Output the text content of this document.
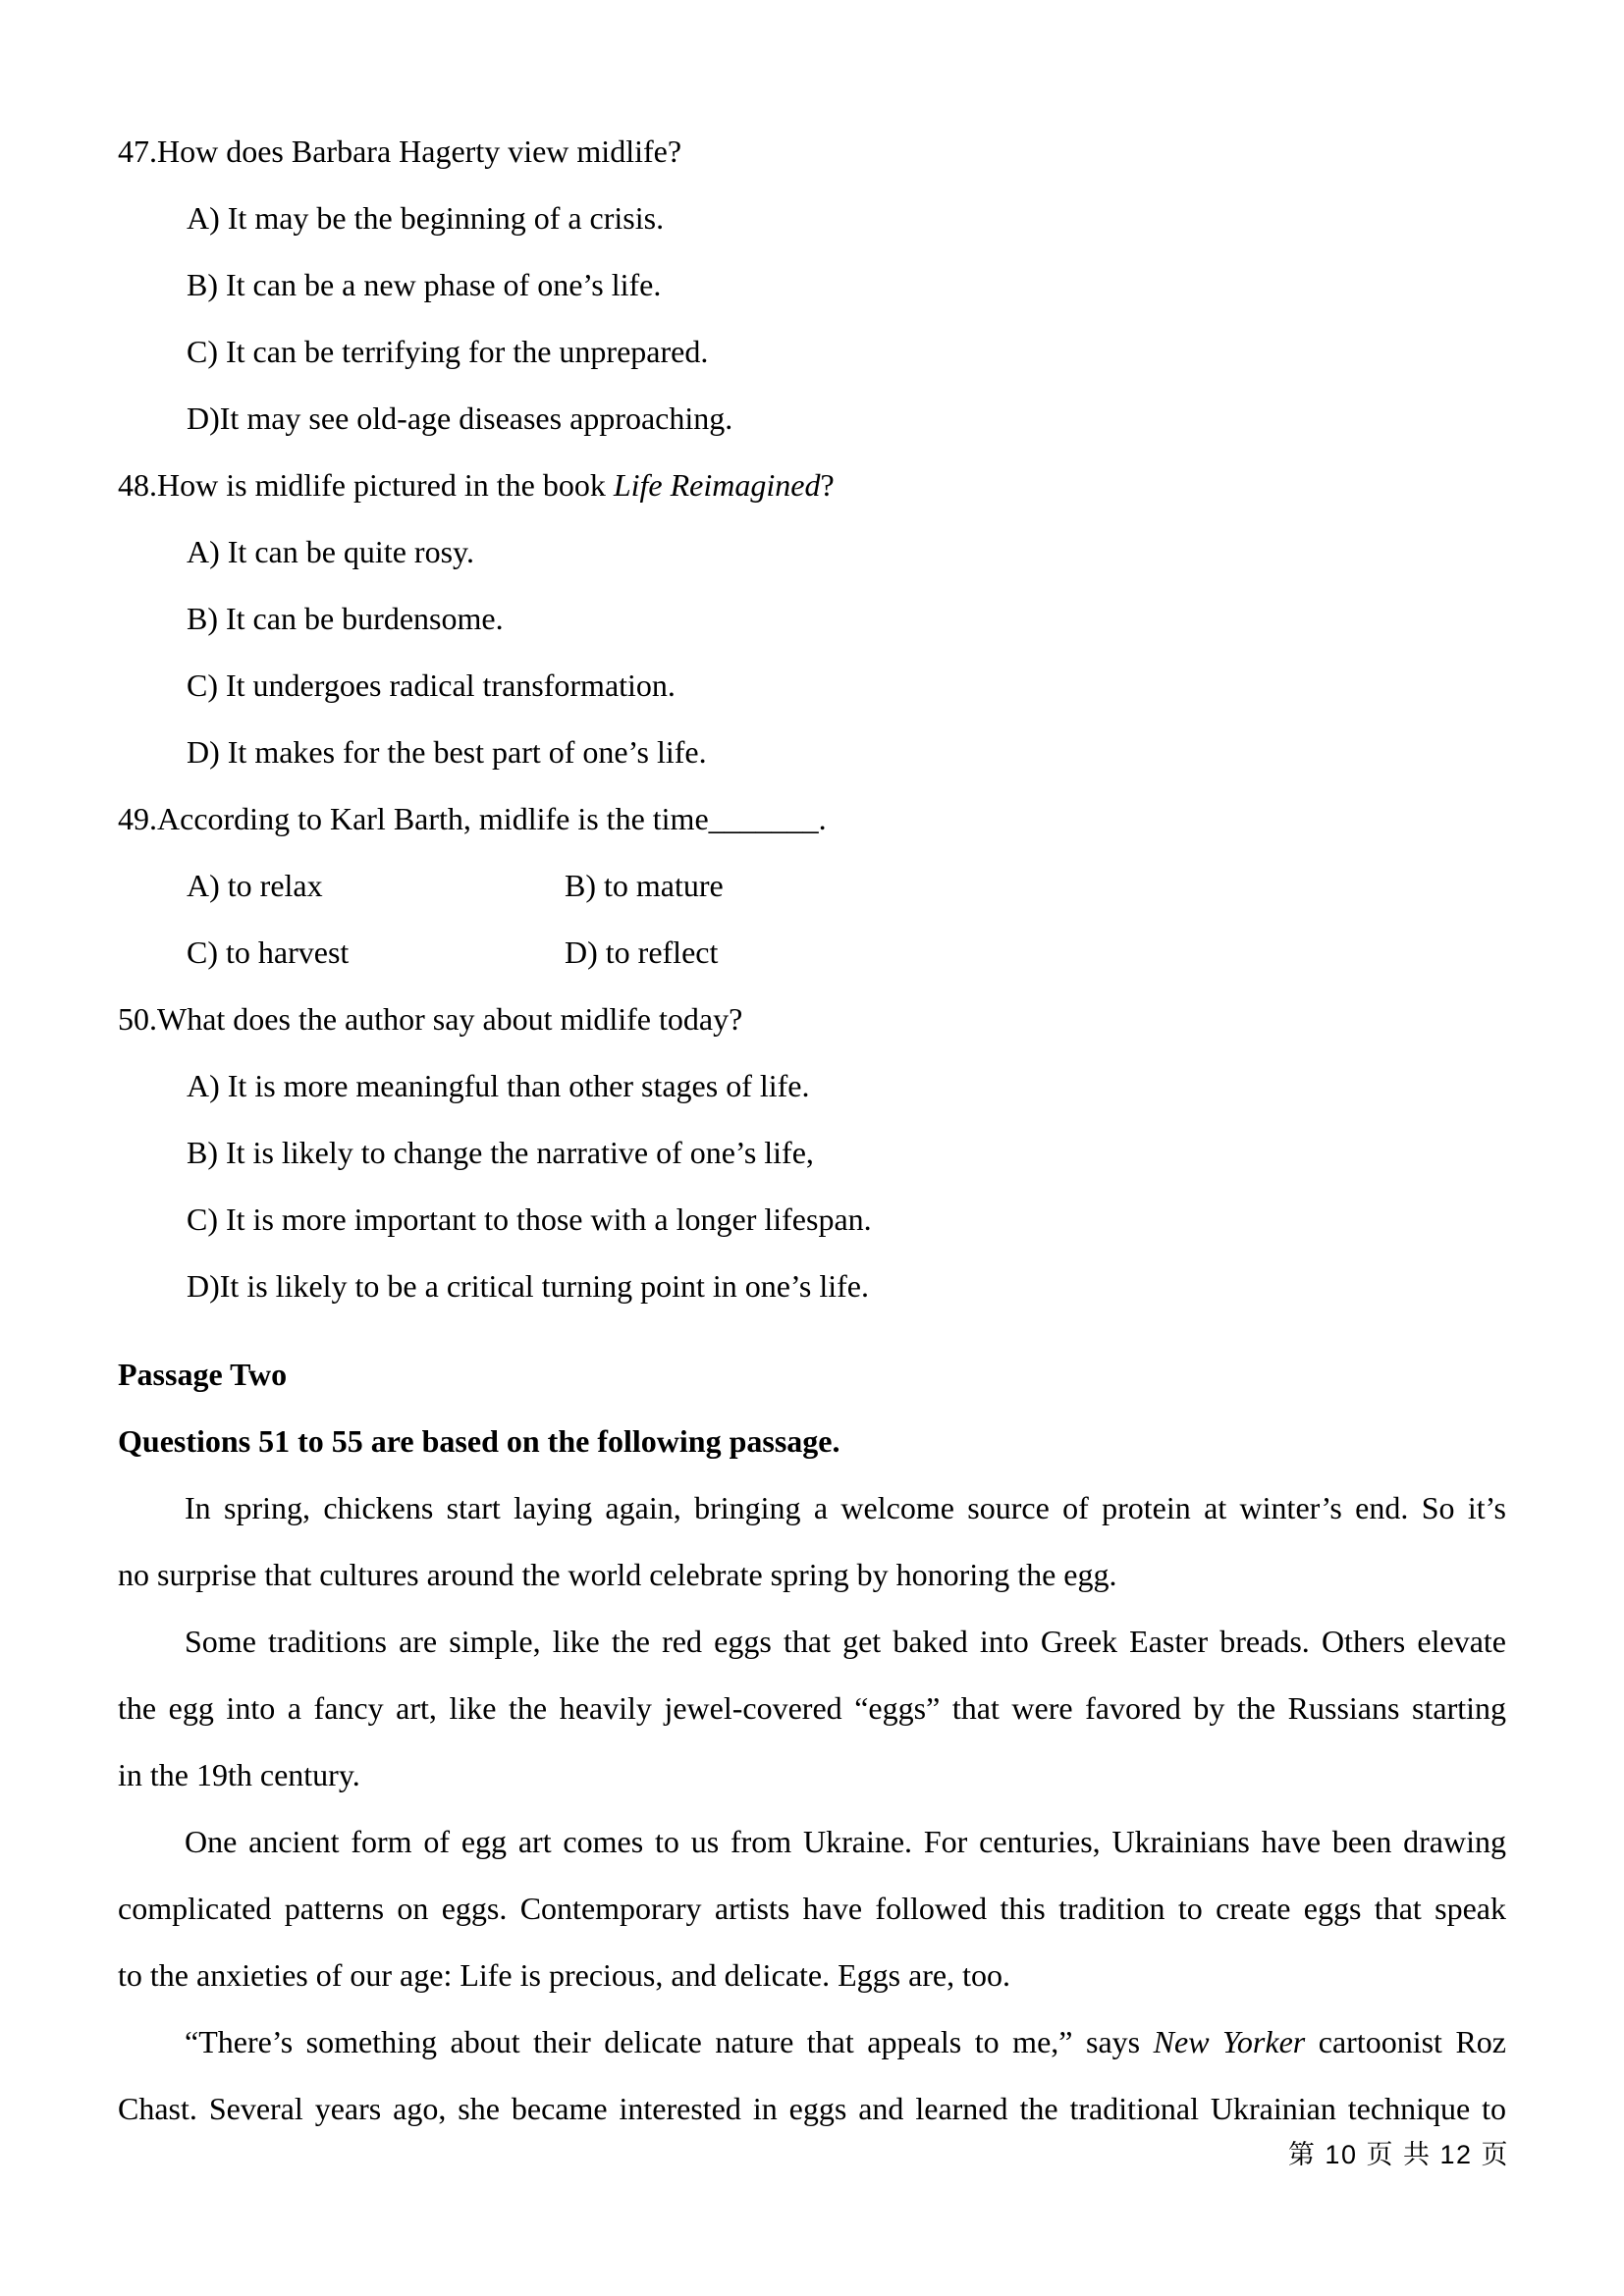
47.How does Barbara Hagerty view midlife?
A) It may be the beginning of a crisis.
B) It can be a new phase of one’s life.
C) It can be terrifying for the unprepared.
D)It may see old-age diseases approaching.
48.How is midlife pictured in the book Life Reimagined?
A) It can be quite rosy.
B) It can be burdensome.
C) It undergoes radical transformation.
D) It makes for the best part of one’s life.
49.According to Karl Barth, midlife is the time_______.
A) to relax	B) to mature
C) to harvest	D) to reflect
50.What does the author say about midlife today?
A) It is more meaningful than other stages of life.
B) It is likely to change the narrative of one’s life,
C) It is more important to those with a longer lifespan.
D)It is likely to be a critical turning point in one’s life.
Passage Two
Questions 51 to 55 are based on the following passage.
In spring, chickens start laying again, bringing a welcome source of protein at winter’s end. So it’s
no surprise that cultures around the world celebrate spring by honoring the egg.
Some traditions are simple, like the red eggs that get baked into Greek Easter breads. Others elevate
the egg into a fancy art, like the heavily jewel-covered “eggs” that were favored by the Russians starting
in the 19th century.
One ancient form of egg art comes to us from Ukraine. For centuries, Ukrainians have been drawing
complicated patterns on eggs. Contemporary artists have followed this tradition to create eggs that speak
to the anxieties of our age: Life is precious, and delicate. Eggs are, too.
“There’s something about their delicate nature that appeals to me,” says New Yorker cartoonist Roz
Chast. Several years ago, she became interested in eggs and learned the traditional Ukrainian technique to
第 10 页 共 12 页
